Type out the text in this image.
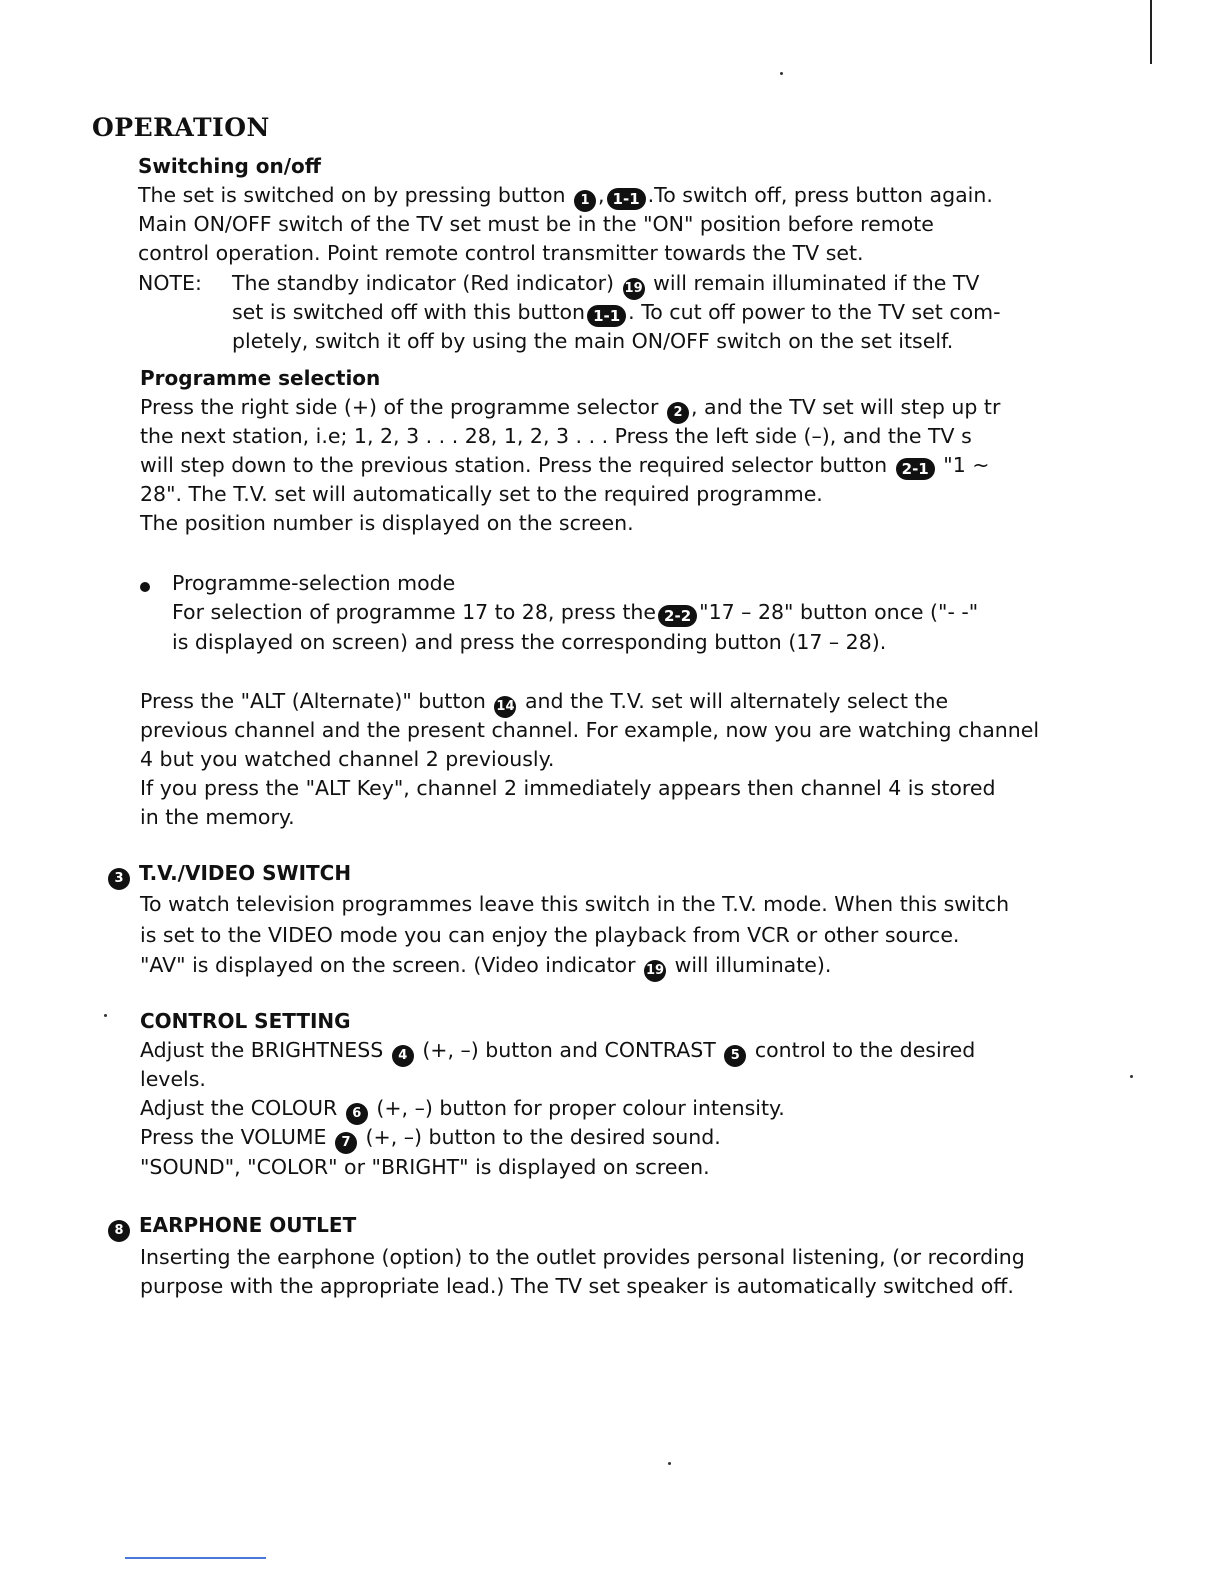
OPERATION
Switching on/off
The set is switched on by pressing button 1 , 1-1 .To switch off, press button again.
Main ON/OFF switch of the TV set must be in the "ON" position before remote
control operation. Point remote control transmitter towards the TV set.
NOTE: The standby indicator (Red indicator) 19 will remain illuminated if the TV
set is switched off with this button 1-1 . To cut off power to the TV set com-
pletely, switch it off by using the main ON/OFF switch on the set itself.
Programme selection
Press the right side (+) of the programme selector 2 , and the TV set will step up tr
the next station, i.e; 1, 2, 3 . . . 28, 1, 2, 3 . . . Press the left side (–), and the TV s
will step down to the previous station. Press the required selector button 2-1 "1 ~
28". The T.V. set will automatically set to the required programme.
The position number is displayed on the screen.
Programme-selection mode
For selection of programme 17 to 28, press the 2-2 "17 – 28" button once ("- -"
is displayed on screen) and press the corresponding button (17 – 28).
Press the "ALT (Alternate)" button 14 and the T.V. set will alternately select the
previous channel and the present channel. For example, now you are watching channel
4 but you watched channel 2 previously.
If you press the "ALT Key", channel 2 immediately appears then channel 4 is stored
in the memory.
3 T.V./VIDEO SWITCH
To watch television programmes leave this switch in the T.V. mode. When this switch
is set to the VIDEO mode you can enjoy the playback from VCR or other source.
"AV" is displayed on the screen. (Video indicator 19 will illuminate).
CONTROL SETTING
Adjust the BRIGHTNESS 4 (+, –) button and CONTRAST 5 control to the desired
levels.
Adjust the COLOUR 6 (+, –) button for proper colour intensity.
Press the VOLUME 7 (+, –) button to the desired sound.
"SOUND", "COLOR" or "BRIGHT" is displayed on screen.
8 EARPHONE OUTLET
Inserting the earphone (option) to the outlet provides personal listening, (or recording
purpose with the appropriate lead.) The TV set speaker is automatically switched off.
